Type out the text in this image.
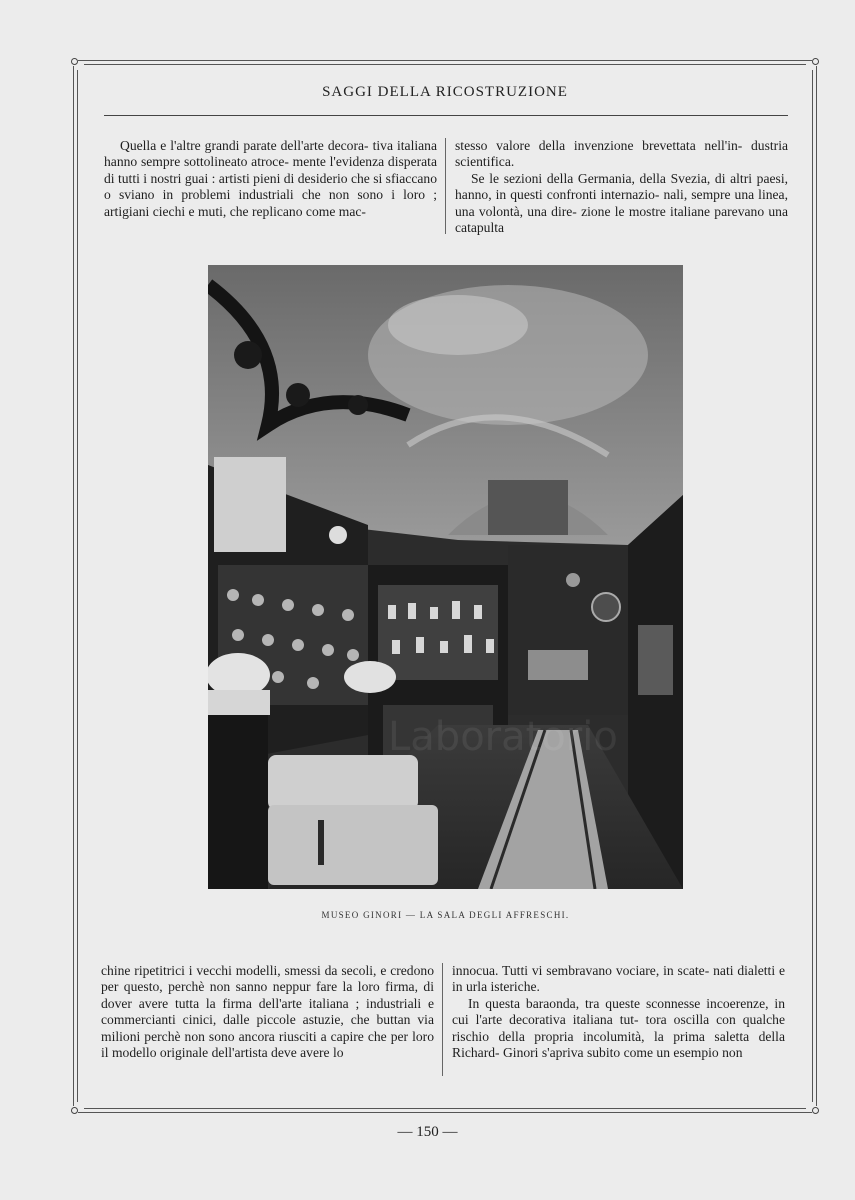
SAGGI DELLA RICOSTRUZIONE

Quella e l'altre grandi parate dell'arte decora- tiva italiana hanno sempre sottolineato atroce- mente l'evidenza disperata di tutti i nostri guai : artisti pieni di desiderio che si sfiaccano o sviano in problemi industriali che non sono i loro ; artigiani ciechi e muti, che replicano come mac-

stesso valore della invenzione brevettata nell'in- dustria scientifica.

Se le sezioni della Germania, della Svezia, di altri paesi, hanno, in questi confronti internazio- nali, sempre una linea, una volontà, una dire- zione le mostre italiane parevano una catapulta

Laboratorio
MUSEO GINORI — LA SALA DEGLI AFFRESCHI.

chine ripetitrici i vecchi modelli, smessi da secoli, e credono per questo, perchè non sanno neppur fare la loro firma, di dover avere tutta la firma dell'arte italiana ; industriali e commercianti cinici, dalle piccole astuzie, che buttan via milioni perchè non sono ancora riusciti a capire che per loro il modello originale dell'artista deve avere lo

innocua. Tutti vi sembravano vociare, in scate- nati dialetti e in urla isteriche.

In questa baraonda, tra queste sconnesse incoerenze, in cui l'arte decorativa italiana tut- tora oscilla con qualche rischio della propria incolumità, la prima saletta della Richard- Ginori s'apriva subito come un esempio non

— 150 —
